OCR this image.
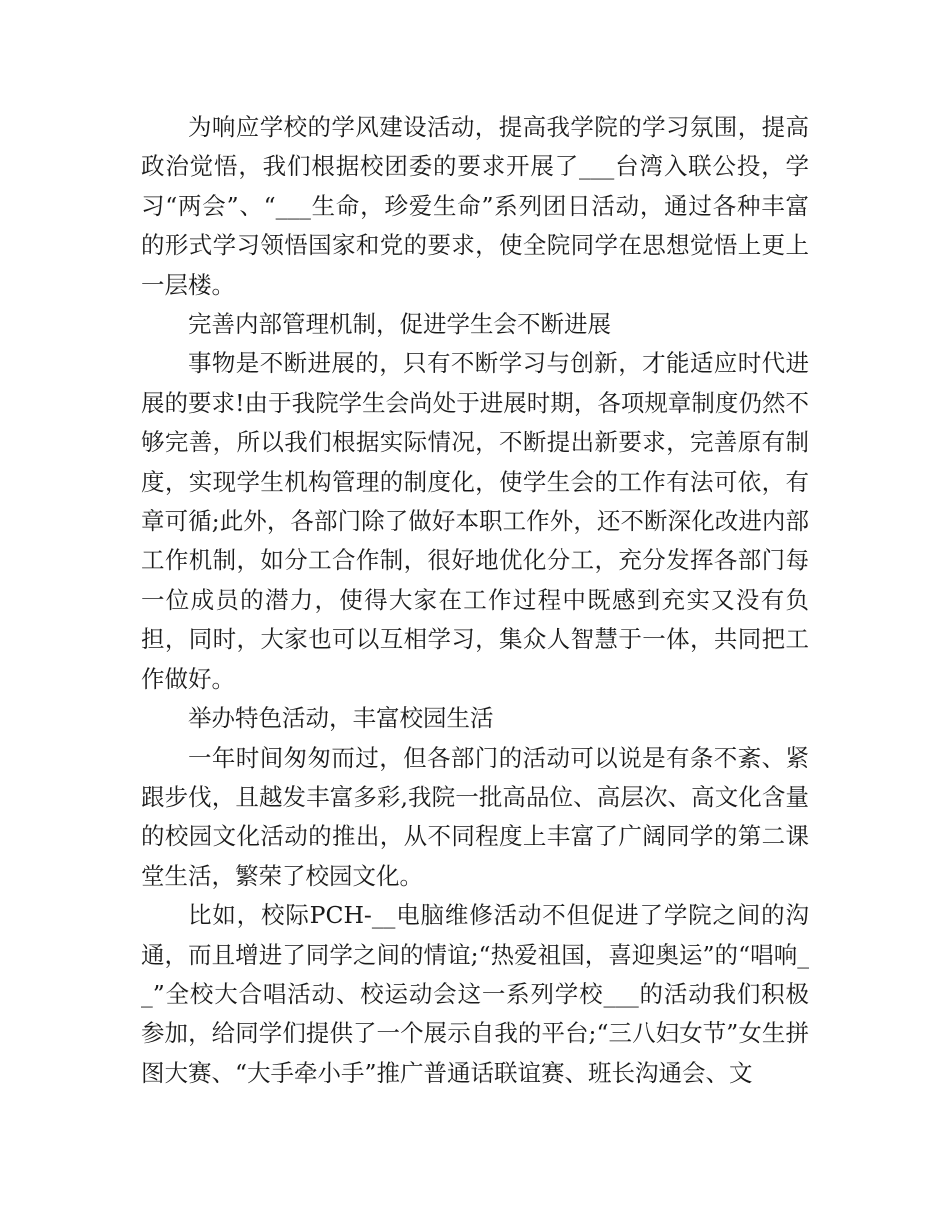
为响应学校的学风建设活动，提高我学院的学习氛围，提高政治觉悟，我们根据校团委的要求开展了___台湾入联公投，学习“两会”、“___生命，珍爱生命”系列团日活动，通过各种丰富的形式学习领悟国家和党的要求，使全院同学在思想觉悟上更上一层楼。

完善内部管理机制，促进学生会不断进展

事物是不断进展的，只有不断学习与创新，才能适应时代进展的要求!由于我院学生会尚处于进展时期，各项规章制度仍然不够完善，所以我们根据实际情况，不断提出新要求，完善原有制度，实现学生机构管理的制度化，使学生会的工作有法可依，有章可循;此外，各部门除了做好本职工作外，还不断深化改进内部工作机制，如分工合作制，很好地优化分工，充分发挥各部门每一位成员的潜力，使得大家在工作过程中既感到充实又没有负担，同时，大家也可以互相学习，集众人智慧于一体，共同把工作做好。

举办特色活动，丰富校园生活

一年时间匆匆而过，但各部门的活动可以说是有条不紊、紧跟步伐，且越发丰富多彩,我院一批高品位、高层次、高文化含量的校园文化活动的推出，从不同程度上丰富了广阔同学的第二课堂生活，繁荣了校园文化。

比如，校际PCH-__电脑维修活动不但促进了学院之间的沟通，而且增进了同学之间的情谊;“热爱祖国，喜迎奥运”的“唱响__”全校大合唱活动、校运动会这一系列学校___的活动我们积极参加，给同学们提供了一个展示自我的平台;“三八妇女节”女生拼图大赛、“大手牵小手”推广普通话联谊赛、班长沟通会、文
